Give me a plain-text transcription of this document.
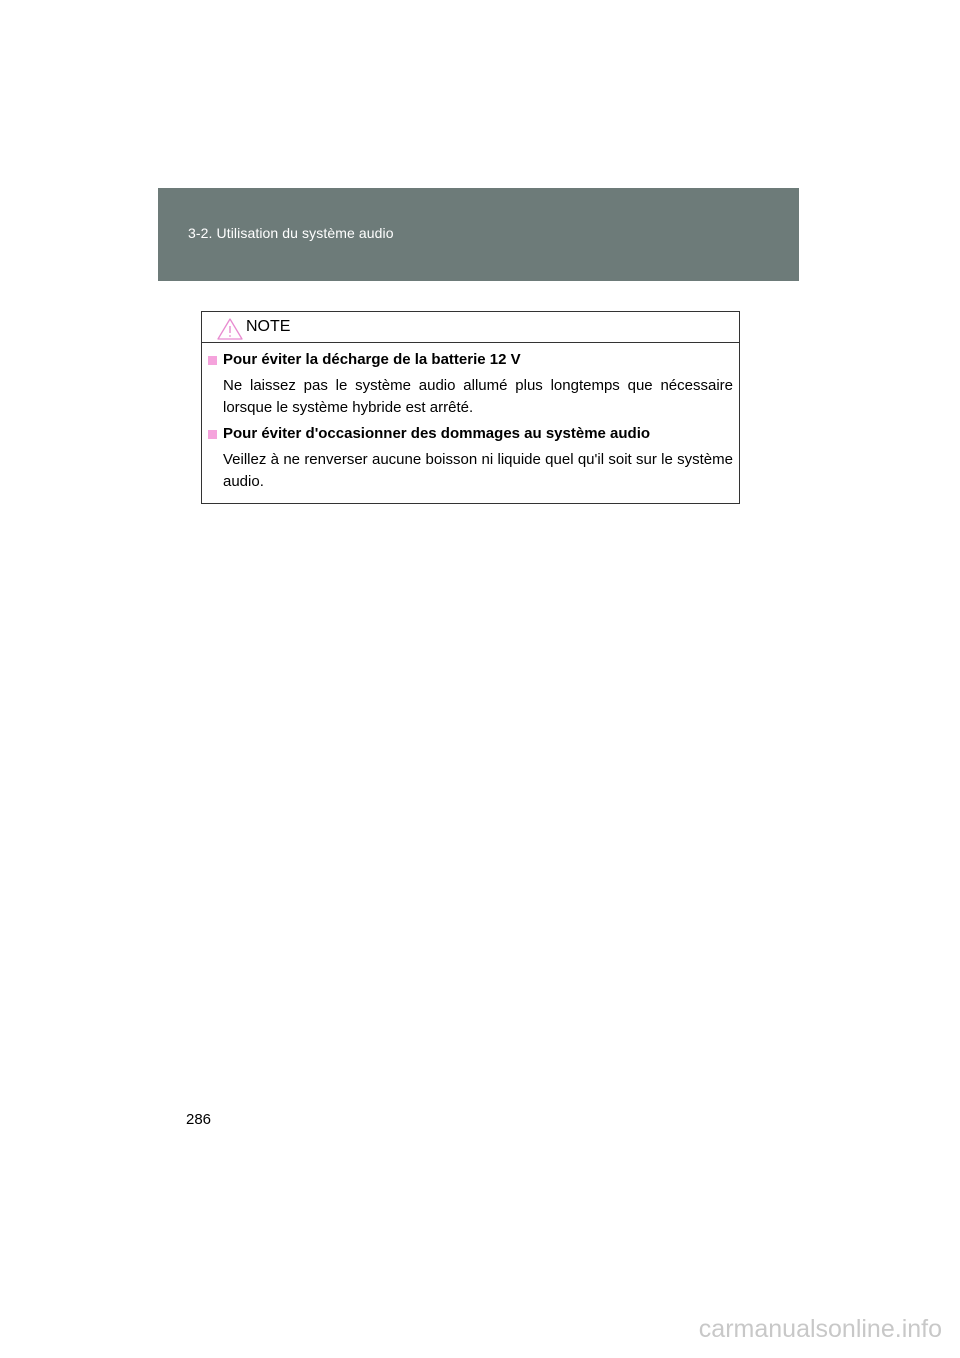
3-2. Utilisation du système audio
NOTE
Pour éviter la décharge de la batterie 12 V
Ne laissez pas le système audio allumé plus longtemps que nécessaire lorsque le système hybride est arrêté.
Pour éviter d'occasionner des dommages au système audio
Veillez à ne renverser aucune boisson ni liquide quel qu'il soit sur le système audio.
286
carmanualsonline.info
